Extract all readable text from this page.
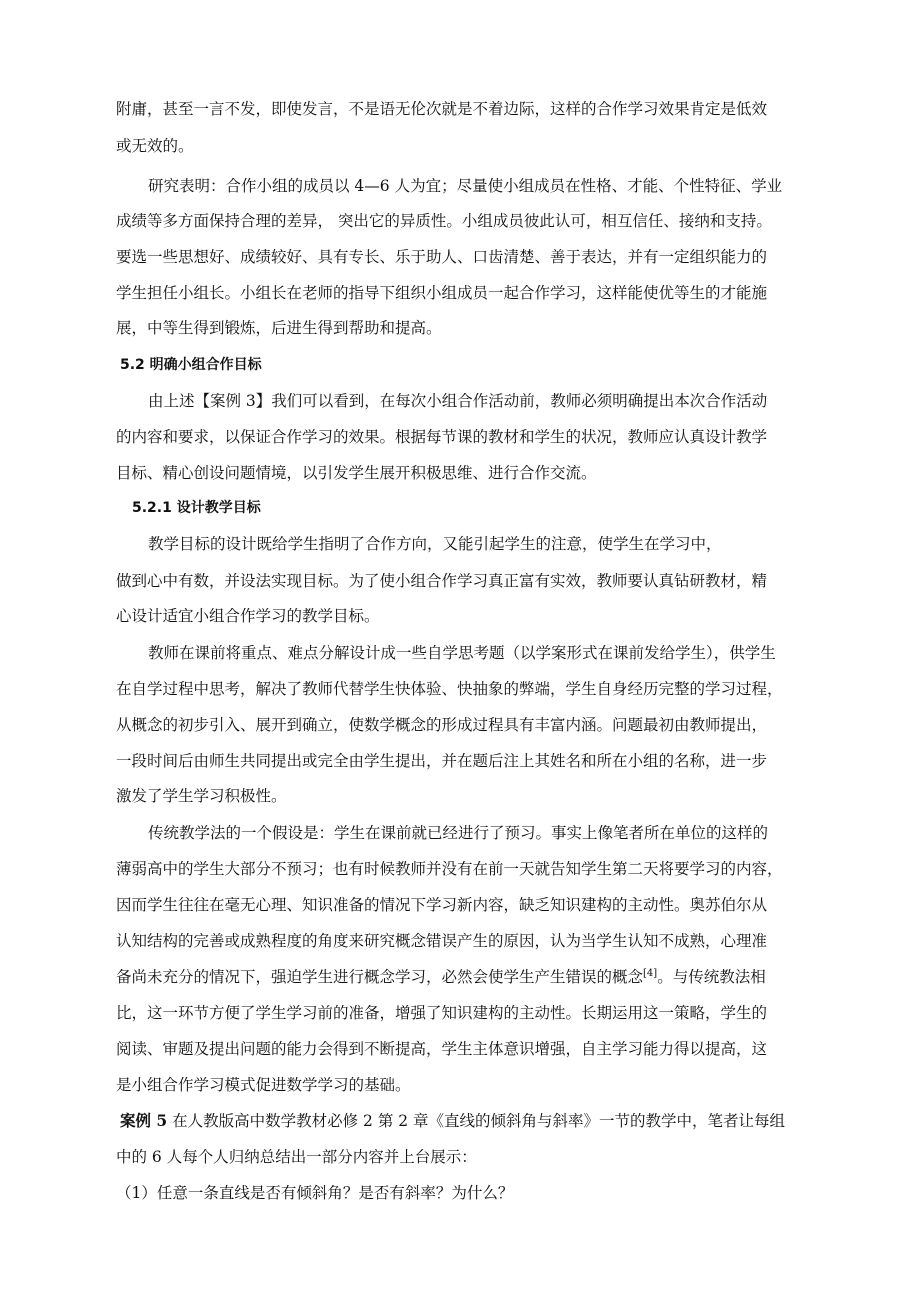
附庸，甚至一言不发，即使发言，不是语无伦次就是不着边际，这样的合作学习效果肯定是低效
或无效的。
研究表明：合作小组的成员以 4—6 人为宜；尽量使小组成员在性格、才能、个性特征、学业
成绩等多方面保持合理的差异， 突出它的异质性。小组成员彼此认可，相互信任、接纳和支持。
要选一些思想好、成绩较好、具有专长、乐于助人、口齿清楚、善于表达，并有一定组织能力的
学生担任小组长。小组长在老师的指导下组织小组成员一起合作学习，这样能使优等生的才能施
展，中等生得到锻炼，后进生得到帮助和提高。
5.2 明确小组合作目标
由上述【案例 3】我们可以看到，在每次小组合作活动前，教师必须明确提出本次合作活动
的内容和要求，以保证合作学习的效果。根据每节课的教材和学生的状况，教师应认真设计教学
目标、精心创设问题情境，以引发学生展开积极思维、进行合作交流。
5.2.1 设计教学目标
教学目标的设计既给学生指明了合作方向，又能引起学生的注意，使学生在学习中，
做到心中有数，并设法实现目标。为了使小组合作学习真正富有实效，教师要认真钻研教材，精
心设计适宜小组合作学习的教学目标。
教师在课前将重点、难点分解设计成一些自学思考题（以学案形式在课前发给学生），供学生
在自学过程中思考，解决了教师代替学生快体验、快抽象的弊端，学生自身经历完整的学习过程，
从概念的初步引入、展开到确立，使数学概念的形成过程具有丰富内涵。问题最初由教师提出，
一段时间后由师生共同提出或完全由学生提出，并在题后注上其姓名和所在小组的名称，进一步
激发了学生学习积极性。
传统教学法的一个假设是：学生在课前就已经进行了预习。事实上像笔者所在单位的这样的
薄弱高中的学生大部分不预习；也有时候教师并没有在前一天就告知学生第二天将要学习的内容，
因而学生往往在毫无心理、知识准备的情况下学习新内容，缺乏知识建构的主动性。奥苏伯尔从
认知结构的完善或成熟程度的角度来研究概念错误产生的原因，认为当学生认知不成熟，心理准
备尚未充分的情况下，强迫学生进行概念学习，必然会使学生产生错误的概念[4]。与传统教法相
比，这一环节方便了学生学习前的准备，增强了知识建构的主动性。长期运用这一策略，学生的
阅读、审题及提出问题的能力会得到不断提高，学生主体意识增强，自主学习能力得以提高，这
是小组合作学习模式促进数学学习的基础。
案例 5 在人教版高中数学教材必修 2 第 2 章《直线的倾斜角与斜率》一节的教学中，笔者让每组
中的 6 人每个人归纳总结出一部分内容并上台展示：
（1）任意一条直线是否有倾斜角？是否有斜率？为什么？
